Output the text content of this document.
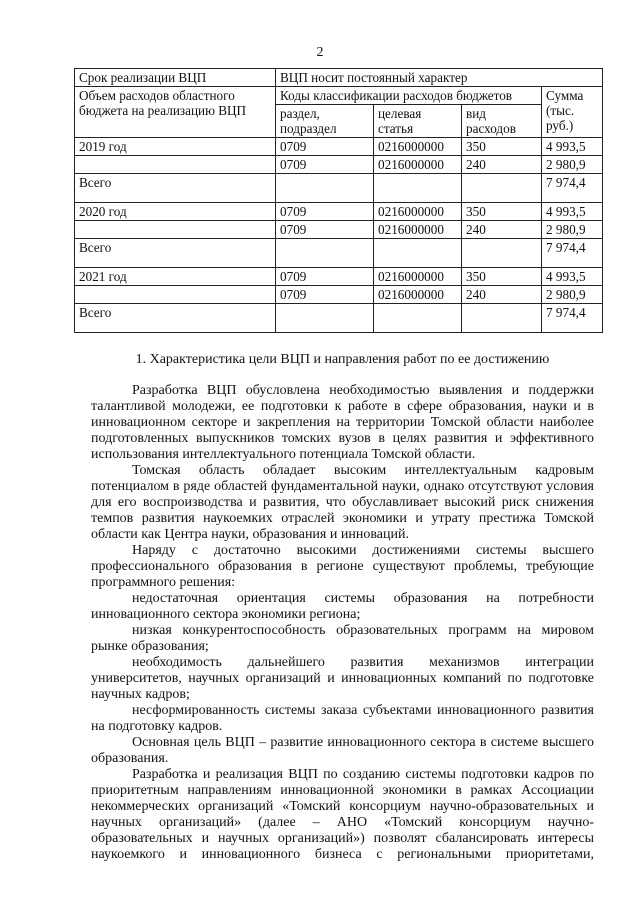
2
Срок реализации ВЦП	ВЦП носит постоянный характер			
Объем расходов областного бюджета на реализацию ВЦП	Коды классификации расходов бюджетов			Сумма (тыс. руб.)
	раздел, подраздел	целевая статья	вид расходов	
2019 год	0709	0216000000	350	4 993,5
	0709	0216000000	240	2 980,9
Всего				7 974,4
2020 год	0709	0216000000	350	4 993,5
	0709	0216000000	240	2 980,9
Всего				7 974,4
2021 год	0709	0216000000	350	4 993,5
	0709	0216000000	240	2 980,9
Всего				7 974,4
1. Характеристика цели ВЦП и направления работ по ее достижению

Разработка ВЦП обусловлена необходимостью выявления и поддержки талантливой молодежи, ее подготовки к работе в сфере образования, науки и в инновационном секторе и закрепления на территории Томской области наиболее подготовленных выпускников томских вузов в целях развития и эффективного использования интеллектуального потенциала Томской области.

Томская область обладает высоким интеллектуальным кадровым потенциалом в ряде областей фундаментальной науки, однако отсутствуют условия для его воспроизводства и развития, что обуславливает высокий риск снижения темпов развития наукоемких отраслей экономики и утрату престижа Томской области как Центра науки, образования и инноваций.

Наряду с достаточно высокими достижениями системы высшего профессионального образования в регионе существуют проблемы, требующие программного решения:

недостаточная ориентация системы образования на потребности инновационного сектора экономики региона;

низкая конкурентоспособность образовательных программ на мировом рынке образования;

необходимость дальнейшего развития механизмов интеграции университетов, научных организаций и инновационных компаний по подготовке научных кадров;

несформированность системы заказа субъектами инновационного развития на подготовку кадров.

Основная цель ВЦП – развитие инновационного сектора в системе высшего образования.

Разработка и реализация ВЦП по созданию системы подготовки кадров по приоритетным направлениям инновационной экономики в рамках Ассоциации некоммерческих организаций «Томский консорциум научно-образовательных и научных организаций» (далее – АНО «Томский консорциум научно-образовательных и научных организаций») позволят сбалансировать интересы наукоемкого и инновационного бизнеса с региональными приоритетами,
